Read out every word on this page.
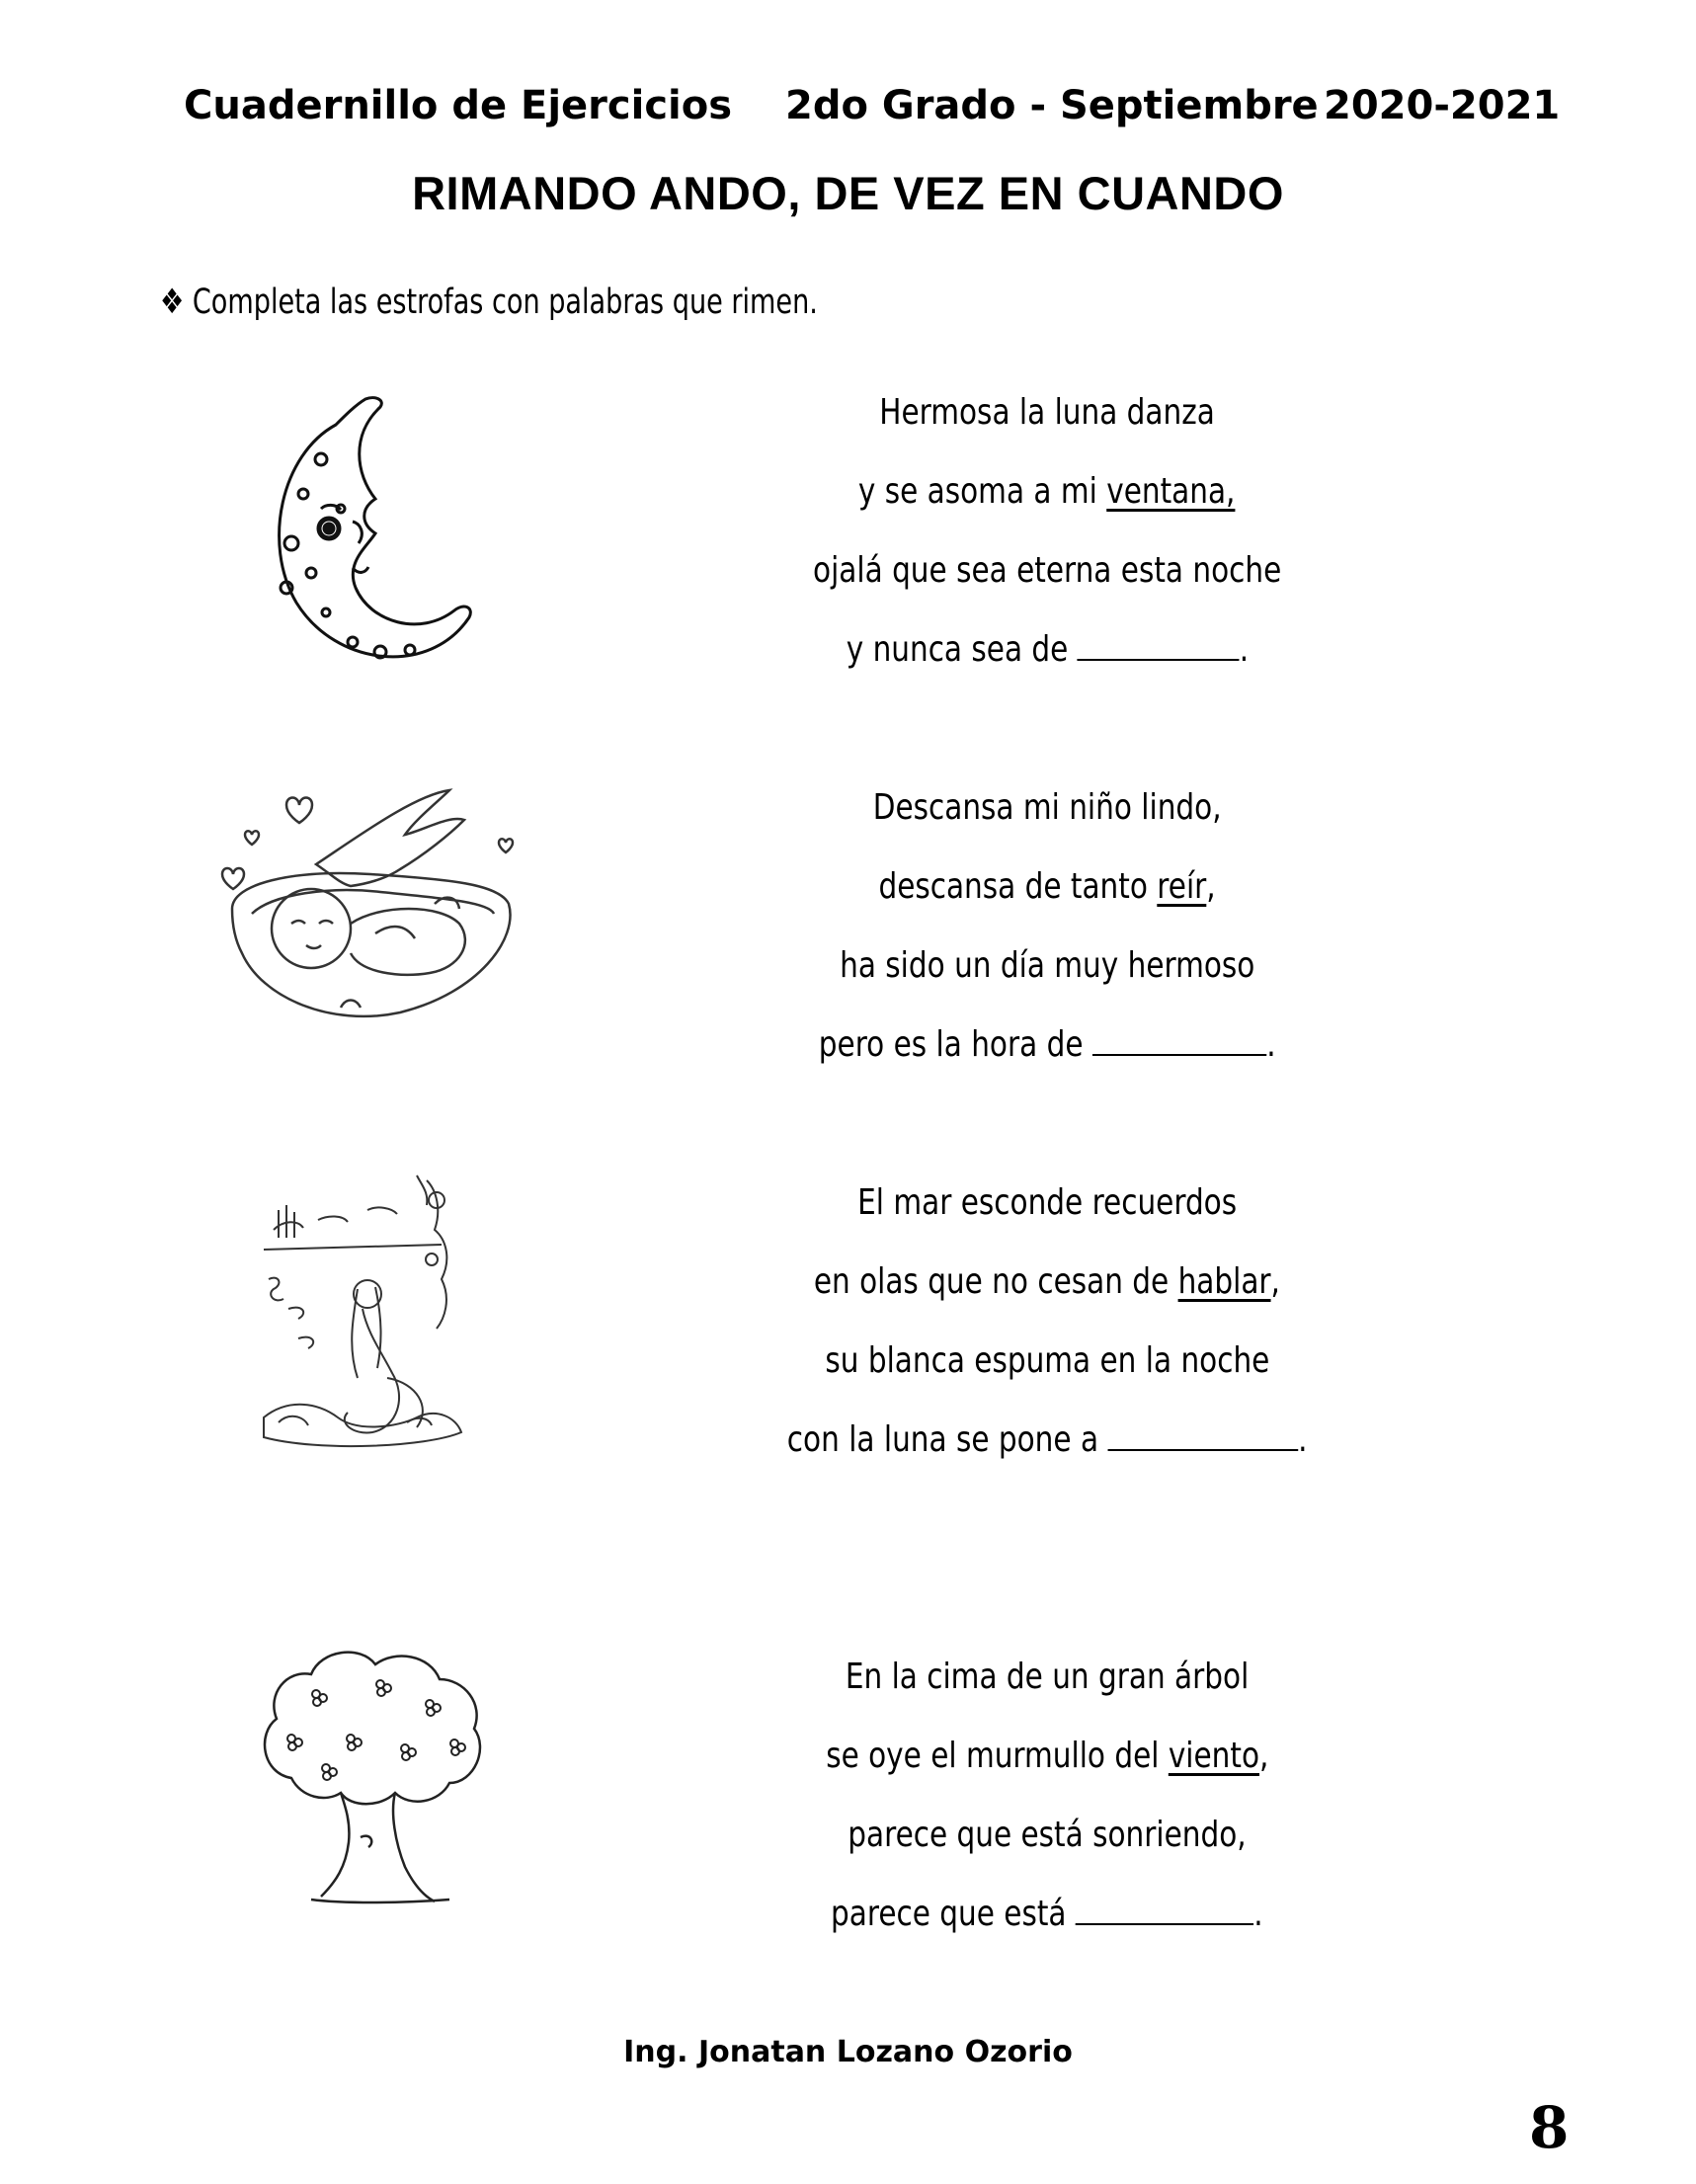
Cuadernillo de Ejercicios 2do Grado - Septiembre 2020-2021
RIMANDO ANDO, DE VEZ EN CUANDO
❖ Completa las estrofas con palabras que rimen.
Hermosa la luna danza
y se asoma a mi ventana,
ojalá que sea eterna esta noche
y nunca sea de	.
Descansa mi niño lindo,
descansa de tanto reír,
ha sido un día muy hermoso
pero es la hora de	.
El mar esconde recuerdos
en olas que no cesan de hablar,
su blanca espuma en la noche
con la luna se pone a	.
En la cima de un gran árbol
se oye el murmullo del viento,
parece que está sonriendo,
parece que está	.
Ing. Jonatan Lozano Ozorio
8
